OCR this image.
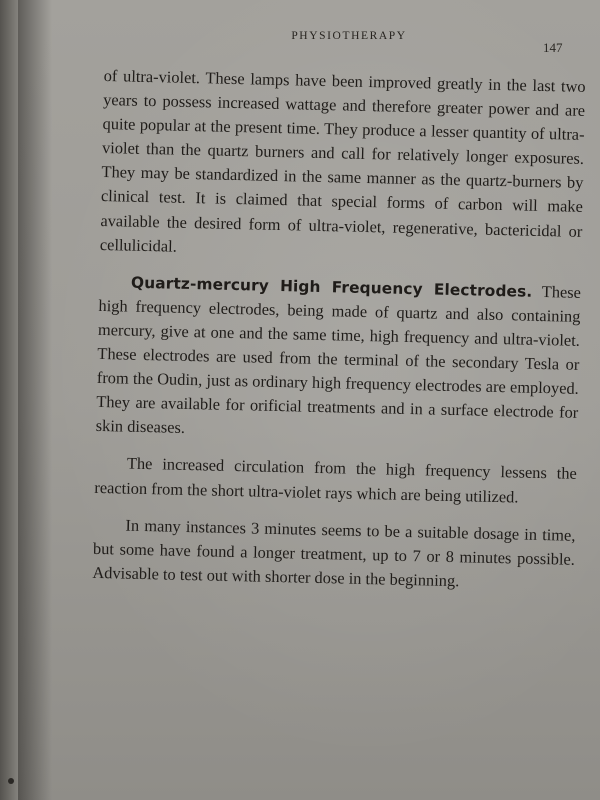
PHYSIOTHERAPY
147

of ultra-violet. These lamps have been improved greatly in the last two years to possess increased wattage and therefore greater power and are quite popular at the present time. They produce a lesser quantity of ultra-violet than the quartz burners and call for relatively longer exposures. They may be standardized in the same manner as the quartz-burners by clinical test. It is claimed that special forms of carbon will make available the desired form of ultra-violet, regenerative, bactericidal or cellulicidal.

Quartz-mercury High Frequency Electrodes. These high frequency electrodes, being made of quartz and also containing mercury, give at one and the same time, high frequency and ultra-violet. These electrodes are used from the terminal of the secondary Tesla or from the Oudin, just as ordinary high frequency electrodes are employed. They are available for orificial treatments and in a surface electrode for skin diseases.

The increased circulation from the high frequency lessens the reaction from the short ultra-violet rays which are being utilized.

In many instances 3 minutes seems to be a suitable dosage in time, but some have found a longer treatment, up to 7 or 8 minutes possible. Advisable to test out with shorter dose in the beginning.
